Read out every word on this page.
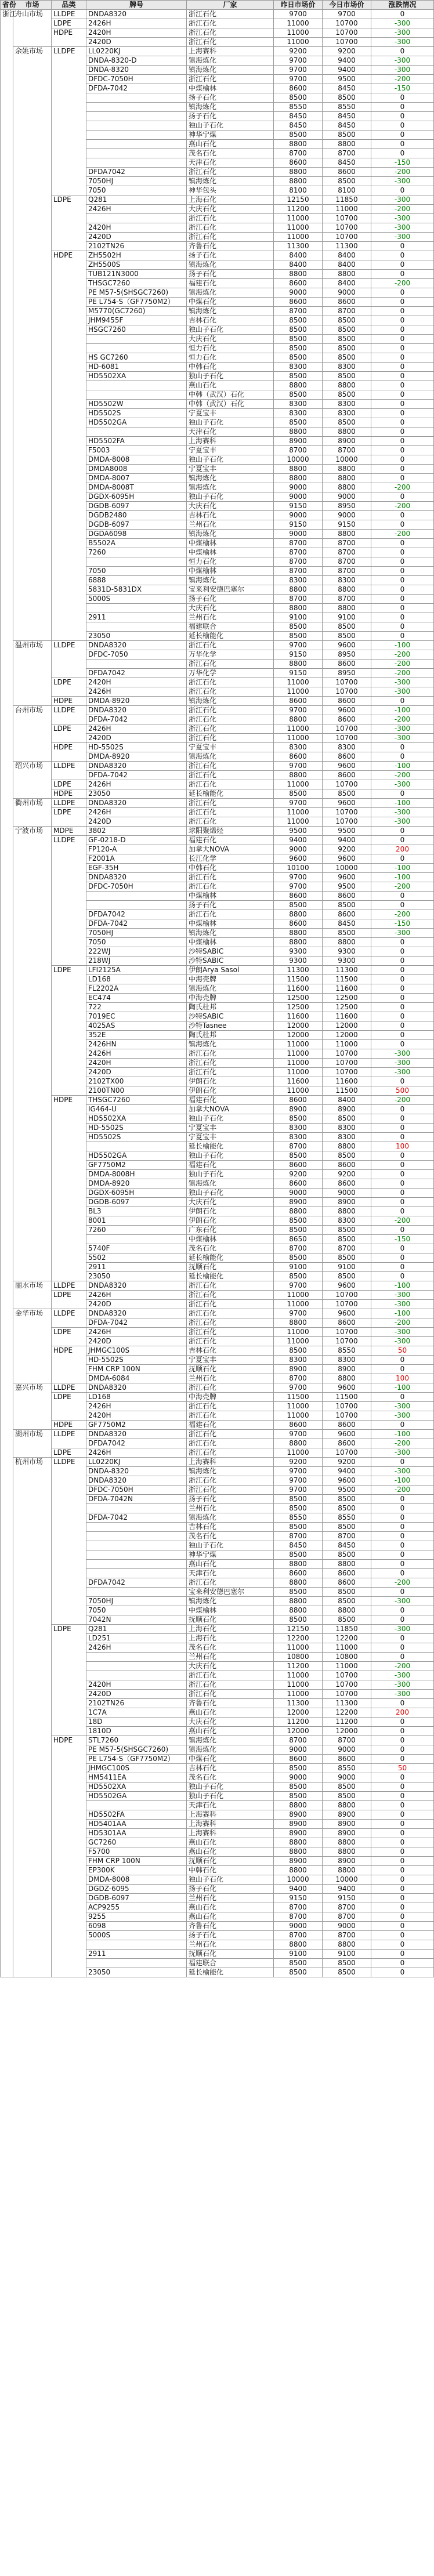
省份	市场	品类	牌号	厂家	昨日市场价	今日市场价	涨跌情况
浙江	舟山市场	LLDPE	DNDA8320	浙江石化	9700	9700	0
		LDPE	2426H	浙江石化	11000	10700	-300
		HDPE	2420H	浙江石化	11000	10700	-300
			2420D	浙江石化	11000	10700	-300
	余姚市场	LLDPE	LL0220KJ	上海赛科	9200	9200	0
			DNDA-8320-D	镇海炼化	9700	9400	-300
			DNDA-8320	镇海炼化	9700	9400	-300
			DFDC-7050H	浙江石化	9700	9500	-200
			DFDA-7042	中煤榆林	8600	8450	-150
				扬子石化	8500	8500	0
				镇海炼化	8550	8550	0
				扬子石化	8450	8450	0
				独山子石化	8450	8450	0
				神华宁煤	8500	8500	0
				燕山石化	8800	8800	0
				茂名石化	8700	8700	0
				天津石化	8600	8450	-150
			DFDA7042	浙江石化	8800	8600	-200
			7050HJ	镇海炼化	8800	8500	-300
			7050	神华包头	8100	8100	0
		LDPE	Q281	上海石化	12150	11850	-300
			2426H	大庆石化	11200	11000	-200
				浙江石化	11000	10700	-300
			2420H	浙江石化	11000	10700	-300
			2420D	浙江石化	11000	10700	-300
			2102TN26	齐鲁石化	11300	11300	0
		HDPE	ZH5502H	扬子石化	8400	8400	0
			ZH5500S	镇海炼化	8400	8400	0
			TUB121N3000	扬子石化	8800	8800	0
			THSGC7260	福建石化	8600	8400	-200
			PE M57-5(SHSGC7260)	镇海炼化	9000	9000	0
			PE L754-S（GF7750M2）	中煤石化	8600	8600	0
			M5770(GC7260)	镇海炼化	8700	8700	0
			JHM9455F	吉林石化	8500	8500	0
			HSGC7260	独山子石化	8500	8500	0
				大庆石化	8500	8500	0
				恒力石化	8500	8500	0
			HS GC7260	恒力石化	8500	8500	0
			HD-6081	中韩石化	8300	8300	0
			HD5502XA	独山子石化	8500	8500	0
				燕山石化	8800	8800	0
				中韩（武汉）石化	8500	8500	0
			HD5502W	中韩（武汉）石化	8300	8300	0
			HD5502S	宁夏宝丰	8300	8300	0
			HD5502GA	独山子石化	8500	8500	0
				天津石化	8800	8800	0
			HD5502FA	上海赛科	8900	8900	0
			F5003	宁夏宝丰	8700	8700	0
			DMDA-8008	独山子石化	10000	10000	0
			DMDA8008	宁夏宝丰	8800	8800	0
			DMDA-8007	镇海炼化	8800	8800	0
			DMDA-8008T	镇海炼化	9000	8800	-200
			DGDX-6095H	独山子石化	9000	9000	0
			DGDB-6097	大庆石化	9150	8950	-200
			DGDB2480	吉林石化	9000	9000	0
			DGDB-6097	兰州石化	9150	9150	0
			DGDA6098	镇海炼化	9000	8800	-200
			B5502A	中煤榆林	8700	8700	0
			7260	中煤榆林	8700	8700	0
				恒力石化	8700	8700	0
			7050	中煤榆林	8700	8700	0
			6888	镇海炼化	8300	8300	0
			5831D-5831DX	宝来利安德巴塞尔	8800	8800	0
			5000S	扬子石化	8700	8700	0
				大庆石化	8800	8800	0
			2911	兰州石化	9100	9100	0
				福建联合	8500	8500	0
			23050	延长榆能化	8500	8500	0
	温州市场	LLDPE	DNDA8320	浙江石化	9700	9600	-100
			DFDC-7050	万华化学	9150	8950	-200
				浙江石化	8800	8600	-200
			DFDA7042	万华化学	9150	8950	-200
		LDPE	2420H	浙江石化	11000	10700	-300
			2426H	浙江石化	11000	10700	-300
		HDPE	DMDA-8920	镇海炼化	8600	8600	0
	台州市场	LLDPE	DNDA8320	浙江石化	9700	9600	-100
			DFDA-7042	浙江石化	8800	8600	-200
		LDPE	2426H	浙江石化	11000	10700	-300
			2420D	浙江石化	11000	10700	-300
		HDPE	HD-5502S	宁夏宝丰	8300	8300	0
			DMDA-8920	镇海炼化	8600	8600	0
	绍兴市场	LLDPE	DNDA8320	浙江石化	9700	9600	-100
			DFDA-7042	浙江石化	8800	8600	-200
		LDPE	2426H	浙江石化	11000	10700	-300
		HDPE	23050	延长榆能化	8500	8500	0
	衢州市场	LLDPE	DNDA8320	浙江石化	9700	9600	-100
		LDPE	2426H	浙江石化	11000	10700	-300
			2420D	浙江石化	11000	10700	-300
	宁波市场	MDPE	3802	球阳聚烯烃	9500	9500	0
		LLDPE	GF-0218-D	福建石化	9400	9400	0
			FP120-A	加拿大NOVA	9000	9200	200
			F2001A	长江化学	9600	9600	0
			EGF-35H	中韩石化	10100	10000	-100
			DNDA8320	浙江石化	9700	9600	-100
			DFDC-7050H	浙江石化	9700	9500	-200
				中煤榆林	8600	8600	0
				扬子石化	8500	8500	0
			DFDA7042	浙江石化	8800	8600	-200
			DFDA-7042	中煤榆林	8600	8450	-150
			7050HJ	镇海炼化	8800	8500	-300
			7050	中煤榆林	8800	8800	0
			222WJ	沙特SABIC	9300	9300	0
			218WJ	沙特SABIC	9300	9300	0
		LDPE	LFI2125A	伊朗Arya Sasol	11300	11300	0
			LD168	中海壳牌	11500	11500	0
			FL2202A	镇海炼化	11600	11600	0
			EC474	中海壳牌	12500	12500	0
			722	陶氏杜邦	12500	12500	0
			7019EC	沙特SABIC	11600	11600	0
			4025AS	沙特Tasnee	12000	12000	0
			352E	陶氏杜邦	12000	12000	0
			2426HN	镇海炼化	11000	11000	0
			2426H	浙江石化	11000	10700	-300
			2420H	浙江石化	11000	10700	-300
			2420D	浙江石化	11000	10700	-300
			2102TX00	伊朗石化	11600	11600	0
			2100TN00	伊朗石化	11000	11500	500
		HDPE	THSGC7260	福建石化	8600	8400	-200
			IG464-U	加拿大NOVA	8900	8900	0
			HD5502XA	独山子石化	8500	8500	0
			HD-5502S	宁夏宝丰	8300	8300	0
			HD5502S	宁夏宝丰	8300	8300	0
				延长榆能化	8700	8800	100
			HD5502GA	独山子石化	8500	8500	0
			GF7750M2	福建石化	8600	8600	0
			DMDA-8008H	独山子石化	9200	9200	0
			DMDA-8920	镇海炼化	8600	8600	0
			DGDX-6095H	独山子石化	9000	9000	0
			DGDB-6097	大庆石化	8900	8900	0
			BL3	伊朗石化	8800	8800	0
			8001	伊朗石化	8500	8300	-200
			7260	广东石化	8500	8500	0
				中煤榆林	8650	8500	-150
			5740F	茂名石化	8700	8700	0
			5502	延长榆能化	8500	8500	0
			2911	抚顺石化	9100	9100	0
			23050	延长榆能化	8500	8500	0
	丽水市场	LLDPE	DNDA8320	浙江石化	9700	9600	-100
		LDPE	2426H	浙江石化	11000	10700	-300
			2420D	浙江石化	11000	10700	-300
	金华市场	LLDPE	DNDA8320	浙江石化	9700	9600	-100
			DFDA-7042	浙江石化	8800	8600	-200
		LDPE	2426H	浙江石化	11000	10700	-300
			2420D	浙江石化	11000	10700	-300
		HDPE	JHMGC100S	吉林石化	8500	8550	50
			HD-5502S	宁夏宝丰	8300	8300	0
			FHM CRP 100N	抚顺石化	8900	8900	0
			DMDA-6084	兰州石化	8700	8800	100
	嘉兴市场	LLDPE	DNDA8320	浙江石化	9700	9600	-100
		LDPE	LD168	中海壳牌	11500	11500	0
			2426H	浙江石化	11000	10700	-300
			2420H	浙江石化	11000	10700	-300
		HDPE	GF7750M2	福建石化	8600	8600	0
	湖州市场	LLDPE	DNDA8320	浙江石化	9700	9600	-100
			DFDA7042	浙江石化	8800	8600	-200
		LDPE	2426H	浙江石化	11000	10700	-300
	杭州市场	LLDPE	LL0220KJ	上海赛科	9200	9200	0
			DNDA-8320	镇海炼化	9700	9400	-300
			DNDA8320	浙江石化	9700	9600	-100
			DFDC-7050H	浙江石化	9700	9500	-200
			DFDA-7042N	扬子石化	8500	8500	0
				兰州石化	8500	8500	0
			DFDA-7042	镇海炼化	8550	8550	0
				吉林石化	8500	8500	0
				茂名石化	8700	8700	0
				独山子石化	8450	8450	0
				神华宁煤	8500	8500	0
				燕山石化	8800	8800	0
				天津石化	8600	8600	0
			DFDA7042	浙江石化	8800	8600	-200
				宝来利安德巴塞尔	8500	8500	0
			7050HJ	镇海炼化	8800	8500	-300
			7050	中煤榆林	8800	8800	0
			7042N	抚顺石化	8500	8500	0
		LDPE	Q281	上海石化	12150	11850	-300
			LD251	上海石化	12200	12200	0
			2426H	茂名石化	11000	11000	0
				兰州石化	10800	10800	0
				大庆石化	11200	11000	-200
				浙江石化	11000	10700	-300
			2420H	浙江石化	11000	10700	-300
			2420D	浙江石化	11000	10700	-300
			2102TN26	齐鲁石化	11300	11300	0
			1C7A	燕山石化	12000	12200	200
			18D	大庆石化	11200	11200	0
			1810D	燕山石化	12000	12000	0
		HDPE	STL7260	镇海炼化	8700	8700	0
			PE M57-5(SHSGC7260)	镇海炼化	9000	9000	0
			PE L754-S（GF7750M2）	中煤石化	8600	8600	0
			JHMGC100S	吉林石化	8500	8550	50
			HM5411EA	茂名石化	9000	9000	0
			HD5502XA	独山子石化	8500	8500	0
			HD5502GA	独山子石化	8500	8500	0
				天津石化	8800	8800	0
			HD5502FA	上海赛科	8900	8900	0
			HD5401AA	上海赛科	8900	8900	0
			HD5301AA	上海赛科	8900	8900	0
			GC7260	燕山石化	8800	8800	0
			F5700	燕山石化	8800	8800	0
			FHM CRP 100N	抚顺石化	8900	8900	0
			EP300K	中韩石化	8800	8800	0
			DMDA-8008	独山子石化	10000	10000	0
			DGDZ-6095	扬子石化	9400	9400	0
			DGDB-6097	兰州石化	9150	9150	0
			ACP9255	燕山石化	8700	8700	0
			9255	燕山石化	8700	8700	0
			6098	齐鲁石化	9000	9000	0
			5000S	扬子石化	8700	8700	0
				兰州石化	8800	8800	0
			2911	抚顺石化	9100	9100	0
				福建联合	8500	8500	0
			23050	延长榆能化	8500	8500	0
